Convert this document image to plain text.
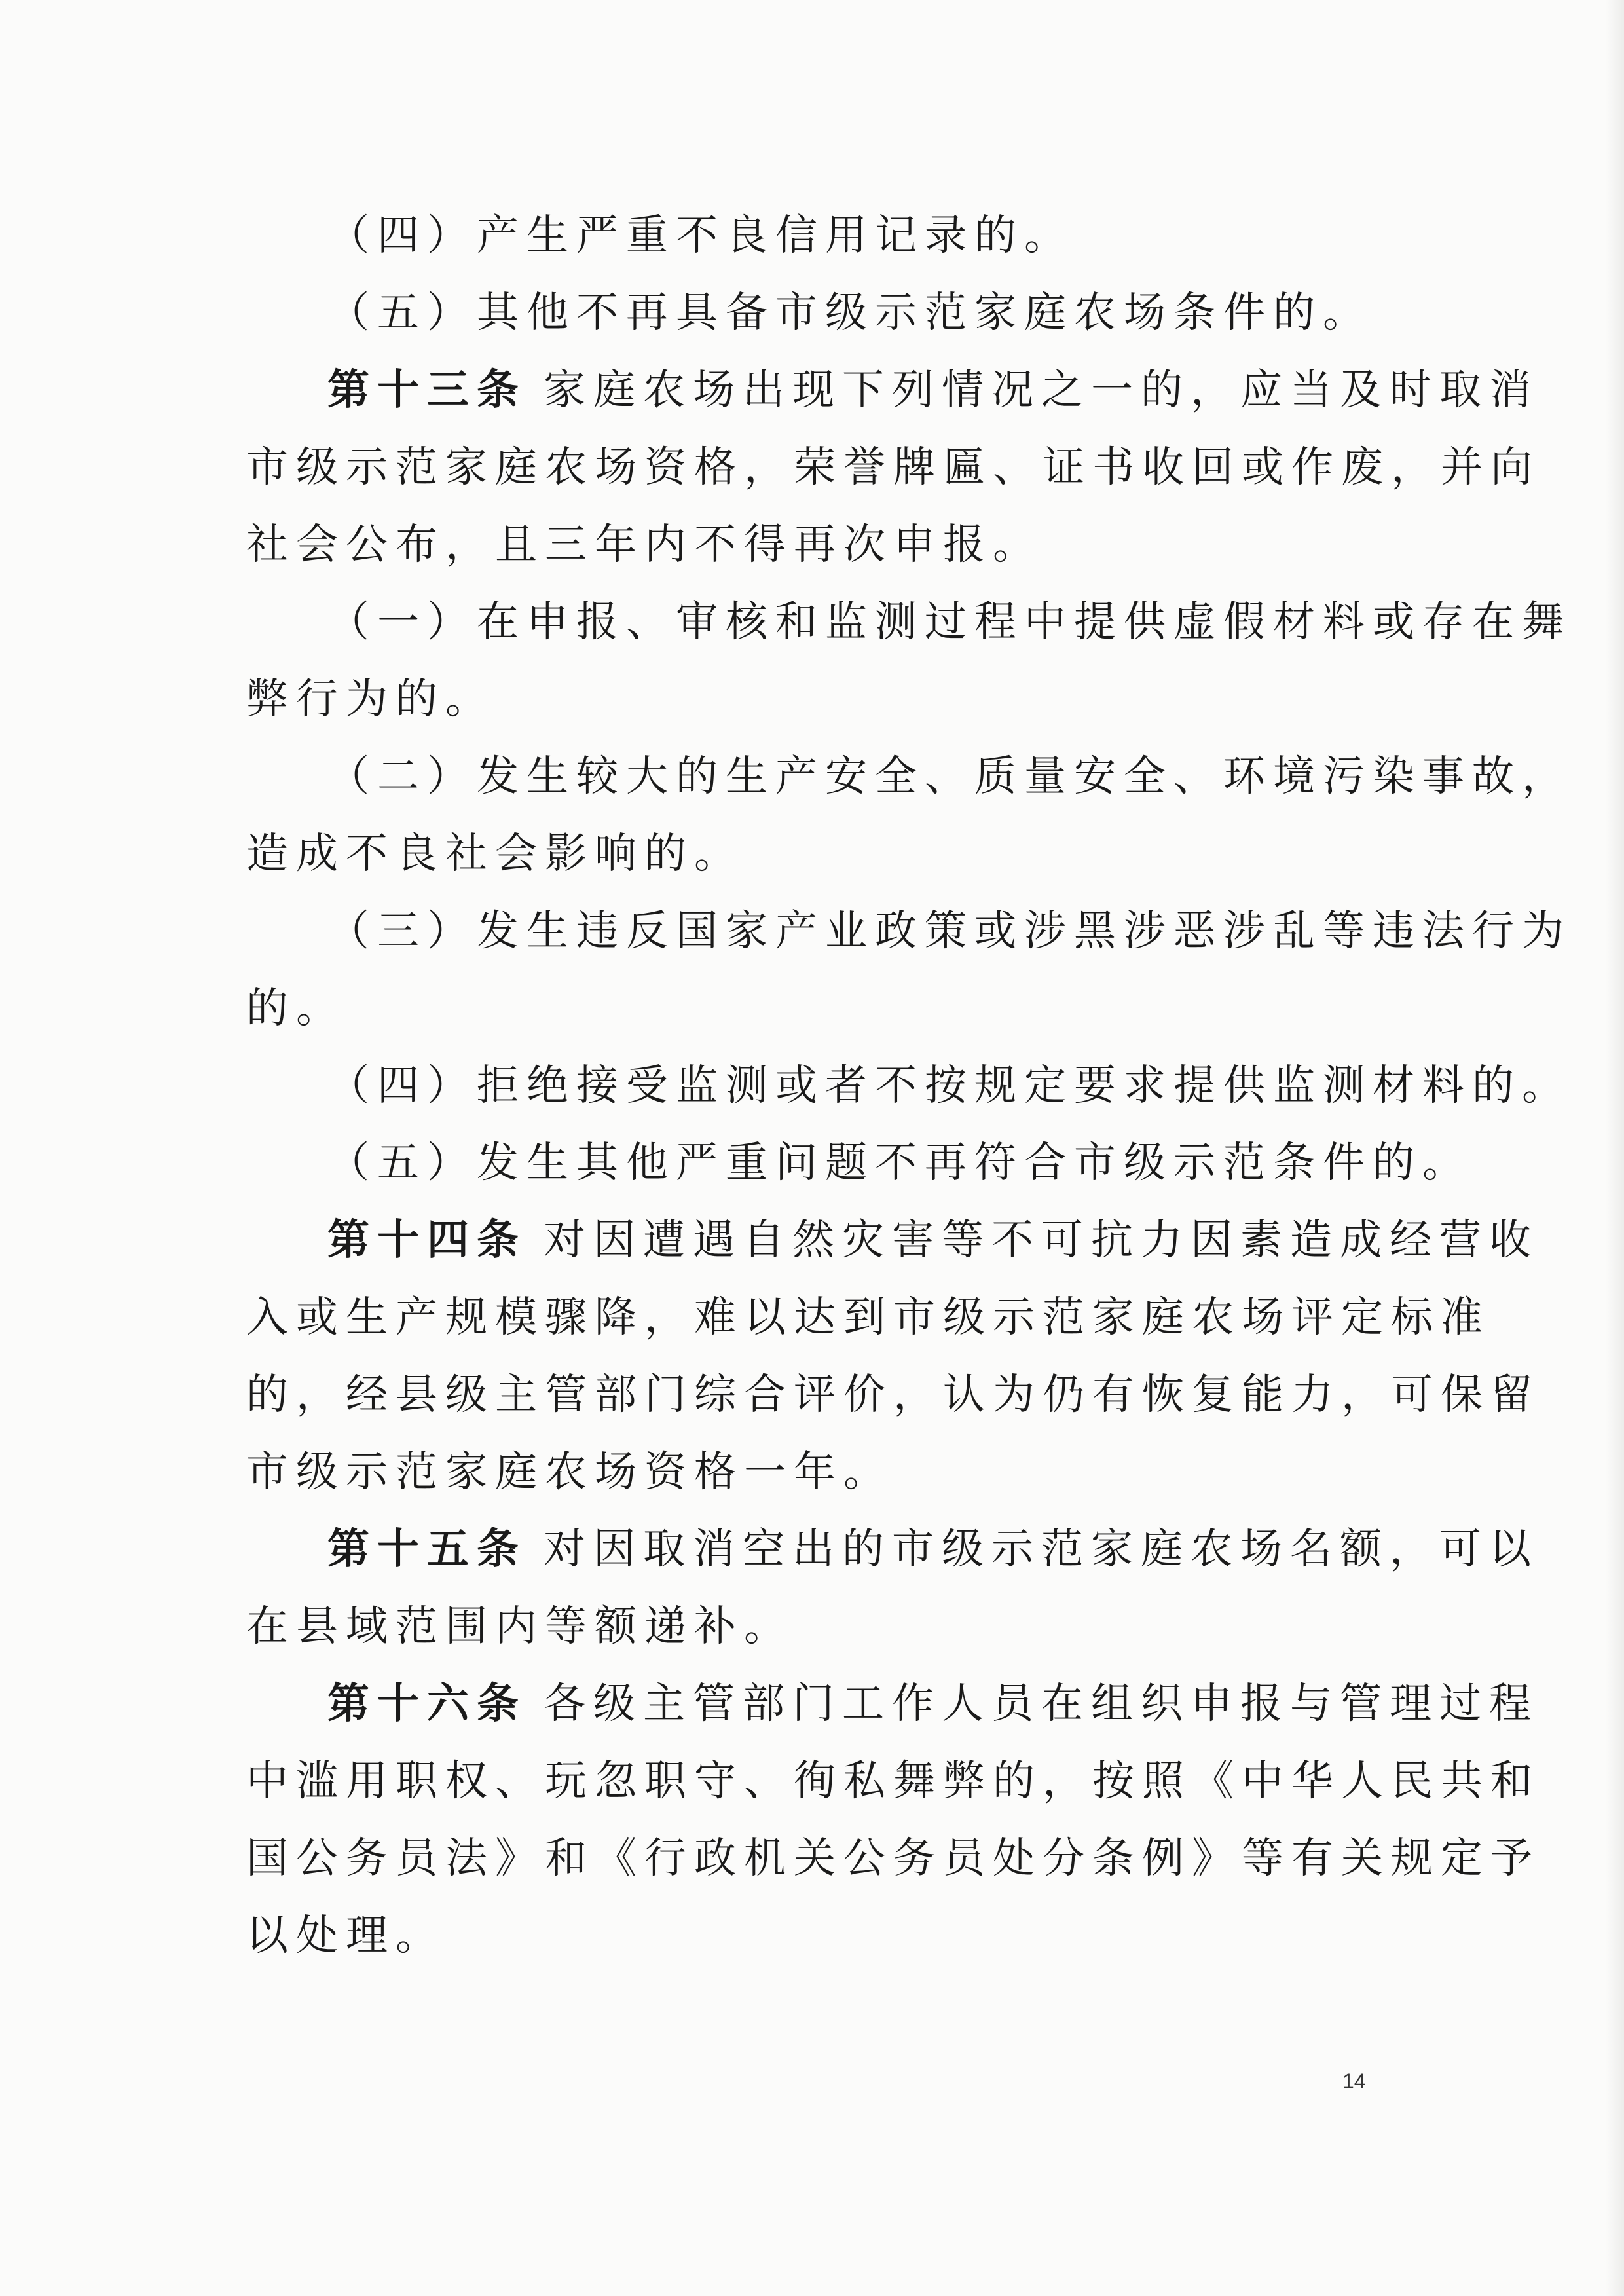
（四）产生严重不良信用记录的。
（五）其他不再具备市级示范家庭农场条件的。
第十三条 家庭农场出现下列情况之一的，应当及时取消
市级示范家庭农场资格，荣誉牌匾、证书收回或作废，并向
社会公布，且三年内不得再次申报。
（一）在申报、审核和监测过程中提供虚假材料或存在舞
弊行为的。
（二）发生较大的生产安全、质量安全、环境污染事故，
造成不良社会影响的。
（三）发生违反国家产业政策或涉黑涉恶涉乱等违法行为
的。
（四）拒绝接受监测或者不按规定要求提供监测材料的。
（五）发生其他严重问题不再符合市级示范条件的。
第十四条 对因遭遇自然灾害等不可抗力因素造成经营收
入或生产规模骤降，难以达到市级示范家庭农场评定标准
的，经县级主管部门综合评价，认为仍有恢复能力，可保留
市级示范家庭农场资格一年。
第十五条 对因取消空出的市级示范家庭农场名额，可以
在县域范围内等额递补。
第十六条 各级主管部门工作人员在组织申报与管理过程
中滥用职权、玩忽职守、徇私舞弊的，按照《中华人民共和
国公务员法》和《行政机关公务员处分条例》等有关规定予
以处理。
14
